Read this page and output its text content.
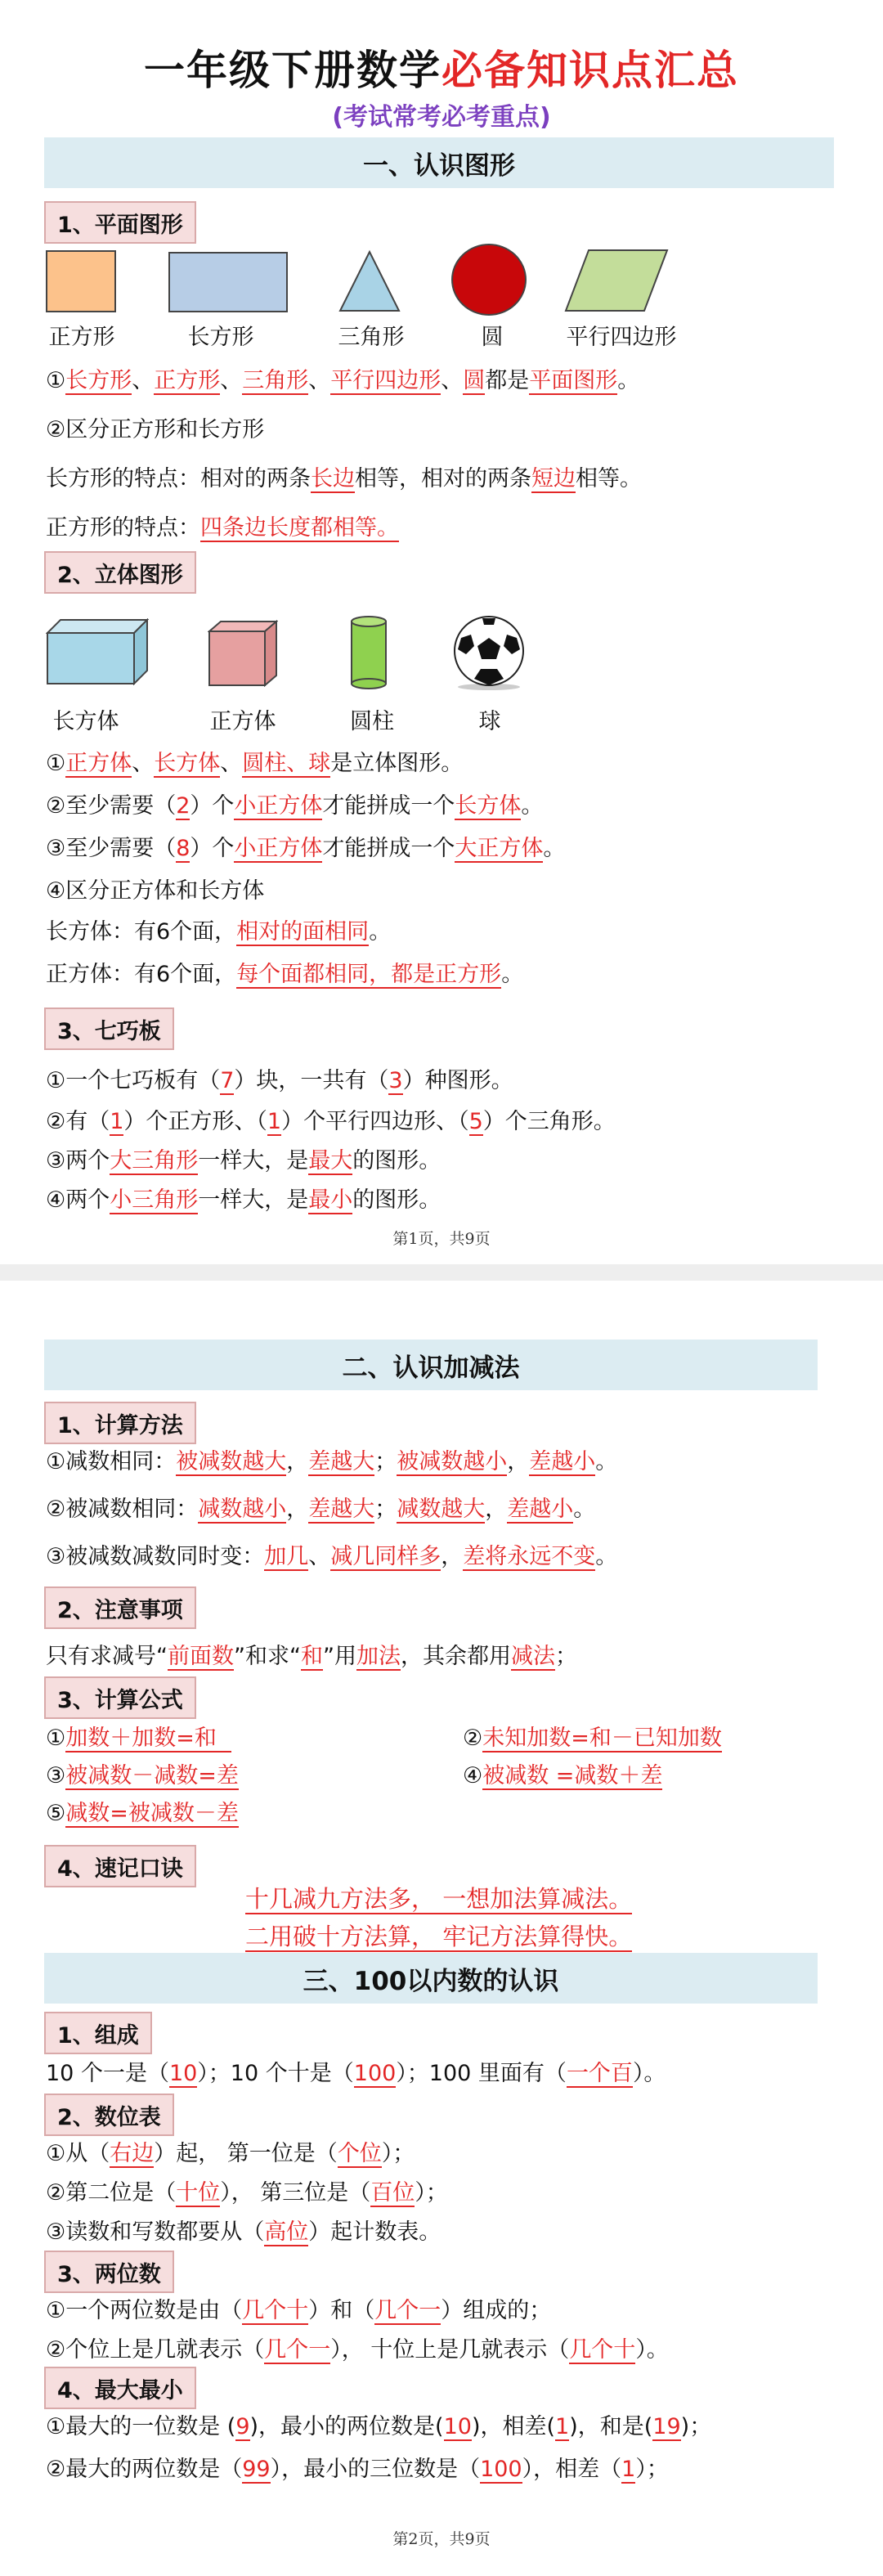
一年级下册数学必备知识点汇总
(考试常考必考重点)
一、认识图形
1、平面图形
正方形	长方形	三角形	圆	平行四边形
①长方形、正方形、三角形、平行四边形、圆都是平面图形。
②区分正方形和长方形
长方形的特点：相对的两条长边相等，相对的两条短边相等。
正方形的特点：四条边长度都相等。
2、立体图形
长方体	正方体	圆柱	球
①正方体、长方体、圆柱、球是立体图形。
②至少需要（2）个小正方体才能拼成一个长方体。
③至少需要（8）个小正方体才能拼成一个大正方体。
④区分正方体和长方体
长方体：有6个面，相对的面相同。
正方体：有6个面，每个面都相同，都是正方形。
3、七巧板
①一个七巧板有（7）块，一共有（3）种图形。
②有（1）个正方形、（1）个平行四边形、（5）个三角形。
③两个大三角形一样大，是最大的图形。
④两个小三角形一样大，是最小的图形。
第1页，共9页
二、认识加减法
1、计算方法
①减数相同：被减数越大，差越大；被减数越小，差越小。
②被减数相同：减数越小，差越大；减数越大，差越小。
③被减数减数同时变：加几、减几同样多，差将永远不变。
2、注意事项
只有求减号“前面数”和求“和”用加法，其余都用减法；
3、计算公式
①加数＋加数=和	②未知加数=和－已知加数
③被减数－减数=差	④被减数 =减数＋差
⑤减数=被减数－差
4、速记口诀
十几减九方法多， 一想加法算减法。
二用破十方法算， 牢记方法算得快。
三、100以内数的认识
1、组成
10 个一是（10）；10 个十是（100）；100 里面有（一个百）。
2、数位表
①从（右边）起， 第一位是（个位）；
②第二位是（十位）， 第三位是（百位）；
③读数和写数都要从（高位）起计数表。
3、两位数
①一个两位数是由（几个十）和（几个一）组成的；
②个位上是几就表示（几个一）， 十位上是几就表示（几个十）。
4、最大最小
①最大的一位数是 (9)，最小的两位数是(10)，相差(1)，和是(19)；
②最大的两位数是（99），最小的三位数是（100），相差（1）；
第2页，共9页
